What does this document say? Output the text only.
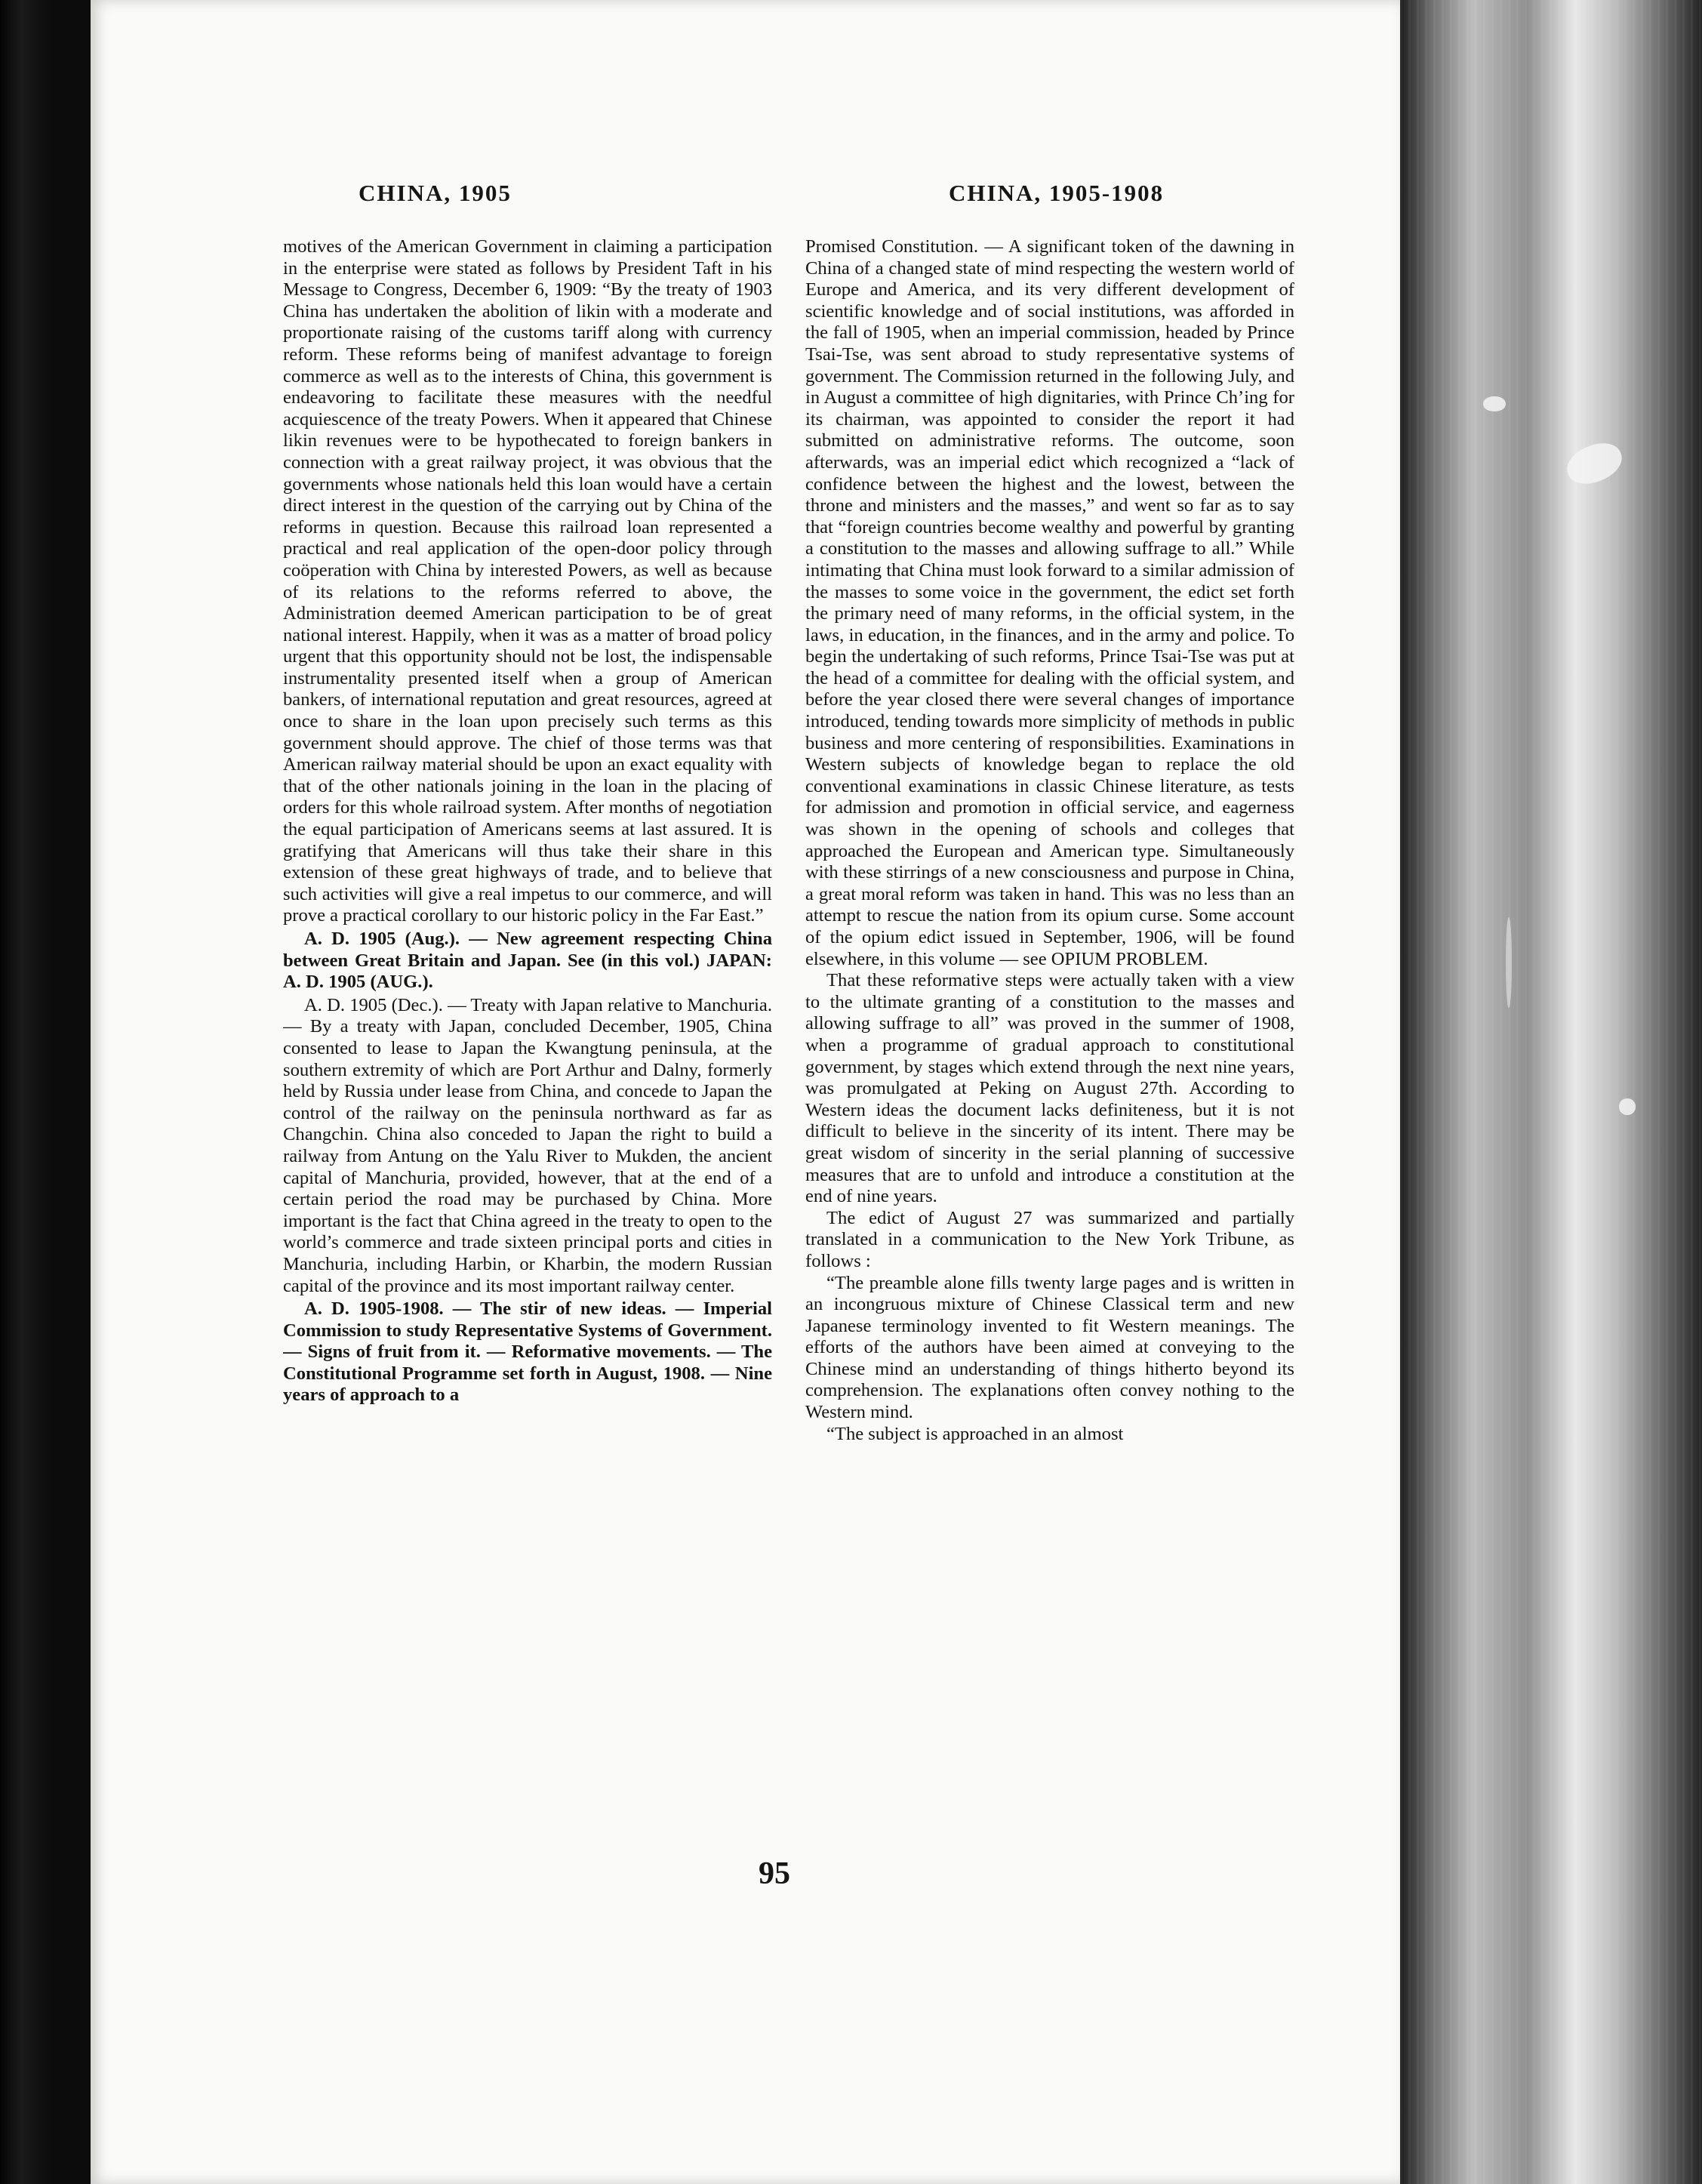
CHINA, 1905	CHINA, 1905-1908

motives of the American Government in claiming a participation in the enterprise were stated as follows by President Taft in his Message to Congress, December 6, 1909: “By the treaty of 1903 China has undertaken the abolition of likin with a moderate and proportionate raising of the customs tariff along with currency reform. These reforms being of manifest advantage to foreign commerce as well as to the interests of China, this government is endeavoring to facilitate these measures with the needful acquiescence of the treaty Powers. When it appeared that Chinese likin revenues were to be hypothecated to foreign bankers in connection with a great railway project, it was obvious that the governments whose nationals held this loan would have a certain direct interest in the question of the carrying out by China of the reforms in question. Because this railroad loan represented a practical and real application of the open-door policy through coöperation with China by interested Powers, as well as because of its relations to the reforms referred to above, the Administration deemed American participation to be of great national interest. Happily, when it was as a matter of broad policy urgent that this opportunity should not be lost, the indispensable instrumentality presented itself when a group of American bankers, of international reputation and great resources, agreed at once to share in the loan upon precisely such terms as this government should approve. The chief of those terms was that American railway material should be upon an exact equality with that of the other nationals joining in the loan in the placing of orders for this whole railroad system. After months of negotiation the equal participation of Americans seems at last assured. It is gratifying that Americans will thus take their share in this extension of these great highways of trade, and to believe that such activities will give a real impetus to our commerce, and will prove a practical corollary to our historic policy in the Far East.”

A. D. 1905 (Aug.). — New agreement respecting China between Great Britain and Japan. See (in this vol.) JAPAN: A. D. 1905 (AUG.).

A. D. 1905 (Dec.). — Treaty with Japan relative to Manchuria. — By a treaty with Japan, concluded December, 1905, China consented to lease to Japan the Kwangtung peninsula, at the southern extremity of which are Port Arthur and Dalny, formerly held by Russia under lease from China, and concede to Japan the control of the railway on the peninsula northward as far as Changchin. China also conceded to Japan the right to build a railway from Antung on the Yalu River to Mukden, the ancient capital of Manchuria, provided, however, that at the end of a certain period the road may be purchased by China. More important is the fact that China agreed in the treaty to open to the world’s commerce and trade sixteen principal ports and cities in Manchuria, including Harbin, or Kharbin, the modern Russian capital of the province and its most important railway center.

A. D. 1905-1908. — The stir of new ideas. — Imperial Commission to study Representative Systems of Government. — Signs of fruit from it. — Reformative movements. — The Constitutional Programme set forth in August, 1908. — Nine years of approach to a

Promised Constitution. — A significant token of the dawning in China of a changed state of mind respecting the western world of Europe and America, and its very different development of scientific knowledge and of social institutions, was afforded in the fall of 1905, when an imperial commission, headed by Prince Tsai-Tse, was sent abroad to study representative systems of government. The Commission returned in the following July, and in August a committee of high dignitaries, with Prince Ch’ing for its chairman, was appointed to consider the report it had submitted on administrative reforms. The outcome, soon afterwards, was an imperial edict which recognized a “lack of confidence between the highest and the lowest, between the throne and ministers and the masses,” and went so far as to say that “foreign countries become wealthy and powerful by granting a constitution to the masses and allowing suffrage to all.” While intimating that China must look forward to a similar admission of the masses to some voice in the government, the edict set forth the primary need of many reforms, in the official system, in the laws, in education, in the finances, and in the army and police. To begin the undertaking of such reforms, Prince Tsai-Tse was put at the head of a committee for dealing with the official system, and before the year closed there were several changes of importance introduced, tending towards more simplicity of methods in public business and more centering of responsibilities. Examinations in Western subjects of knowledge began to replace the old conventional examinations in classic Chinese literature, as tests for admission and promotion in official service, and eagerness was shown in the opening of schools and colleges that approached the European and American type. Simultaneously with these stirrings of a new consciousness and purpose in China, a great moral reform was taken in hand. This was no less than an attempt to rescue the nation from its opium curse. Some account of the opium edict issued in September, 1906, will be found elsewhere, in this volume — see OPIUM PROBLEM.

That these reformative steps were actually taken with a view to the ultimate granting of a constitution to the masses and allowing suffrage to all” was proved in the summer of 1908, when a programme of gradual approach to constitutional government, by stages which extend through the next nine years, was promulgated at Peking on August 27th. According to Western ideas the document lacks definiteness, but it is not difficult to believe in the sincerity of its intent. There may be great wisdom of sincerity in the serial planning of successive measures that are to unfold and introduce a constitution at the end of nine years.

The edict of August 27 was summarized and partially translated in a communication to the New York Tribune, as follows :

“The preamble alone fills twenty large pages and is written in an incongruous mixture of Chinese Classical term and new Japanese terminology invented to fit Western meanings. The efforts of the authors have been aimed at conveying to the Chinese mind an understanding of things hitherto beyond its comprehension. The explanations often convey nothing to the Western mind.

“The subject is approached in an almost

95
